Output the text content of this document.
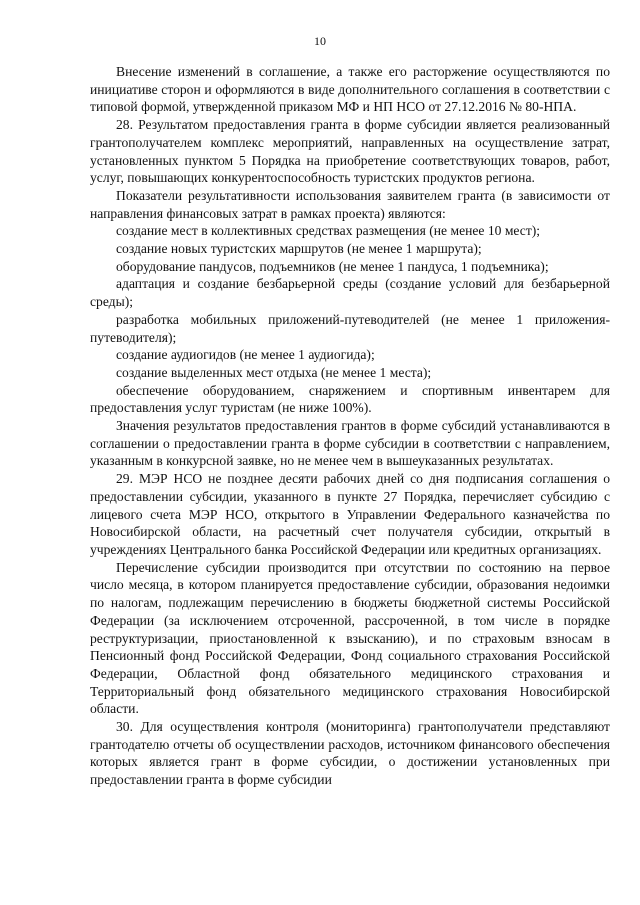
10

Внесение изменений в соглашение, а также его расторжение осуществляются по инициативе сторон и оформляются в виде дополнительного соглашения в соответствии с типовой формой, утвержденной приказом МФ и НП НСО от 27.12.2016 № 80-НПА.

28. Результатом предоставления гранта в форме субсидии является реализованный грантополучателем комплекс мероприятий, направленных на осуществление затрат, установленных пунктом 5 Порядка на приобретение соответствующих товаров, работ, услуг, повышающих конкурентоспособность туристских продуктов региона.

Показатели результативности использования заявителем гранта (в зависимости от направления финансовых затрат в рамках проекта) являются:

создание мест в коллективных средствах размещения (не менее 10 мест);

создание новых туристских маршрутов (не менее 1 маршрута);

оборудование пандусов, подъемников (не менее 1 пандуса, 1 подъемника);

адаптация и создание безбарьерной среды (создание условий для безбарьерной среды);

разработка мобильных приложений-путеводителей (не менее 1 приложения-путеводителя);

создание аудиогидов (не менее 1 аудиогида);

создание выделенных мест отдыха (не менее 1 места);

обеспечение оборудованием, снаряжением и спортивным инвентарем для предоставления услуг туристам (не ниже 100%).

Значения результатов предоставления грантов в форме субсидий устанавливаются в соглашении о предоставлении гранта в форме субсидии в соответствии с направлением, указанным в конкурсной заявке, но не менее чем в вышеуказанных результатах.

29. МЭР НСО не позднее десяти рабочих дней со дня подписания соглашения о предоставлении субсидии, указанного в пункте 27 Порядка, перечисляет субсидию с лицевого счета МЭР НСО, открытого в Управлении Федерального казначейства по Новосибирской области, на расчетный счет получателя субсидии, открытый в учреждениях Центрального банка Российской Федерации или кредитных организациях.

Перечисление субсидии производится при отсутствии по состоянию на первое число месяца, в котором планируется предоставление субсидии, образования недоимки по налогам, подлежащим перечислению в бюджеты бюджетной системы Российской Федерации (за исключением отсроченной, рассроченной, в том числе в порядке реструктуризации, приостановленной к взысканию), и по страховым взносам в Пенсионный фонд Российской Федерации, Фонд социального страхования Российской Федерации, Областной фонд обязательного медицинского страхования и Территориальный фонд обязательного медицинского страхования Новосибирской области.

30. Для осуществления контроля (мониторинга) грантополучатели представляют грантодателю отчеты об осуществлении расходов, источником финансового обеспечения которых является грант в форме субсидии, о достижении установленных при предоставлении гранта в форме субсидии
